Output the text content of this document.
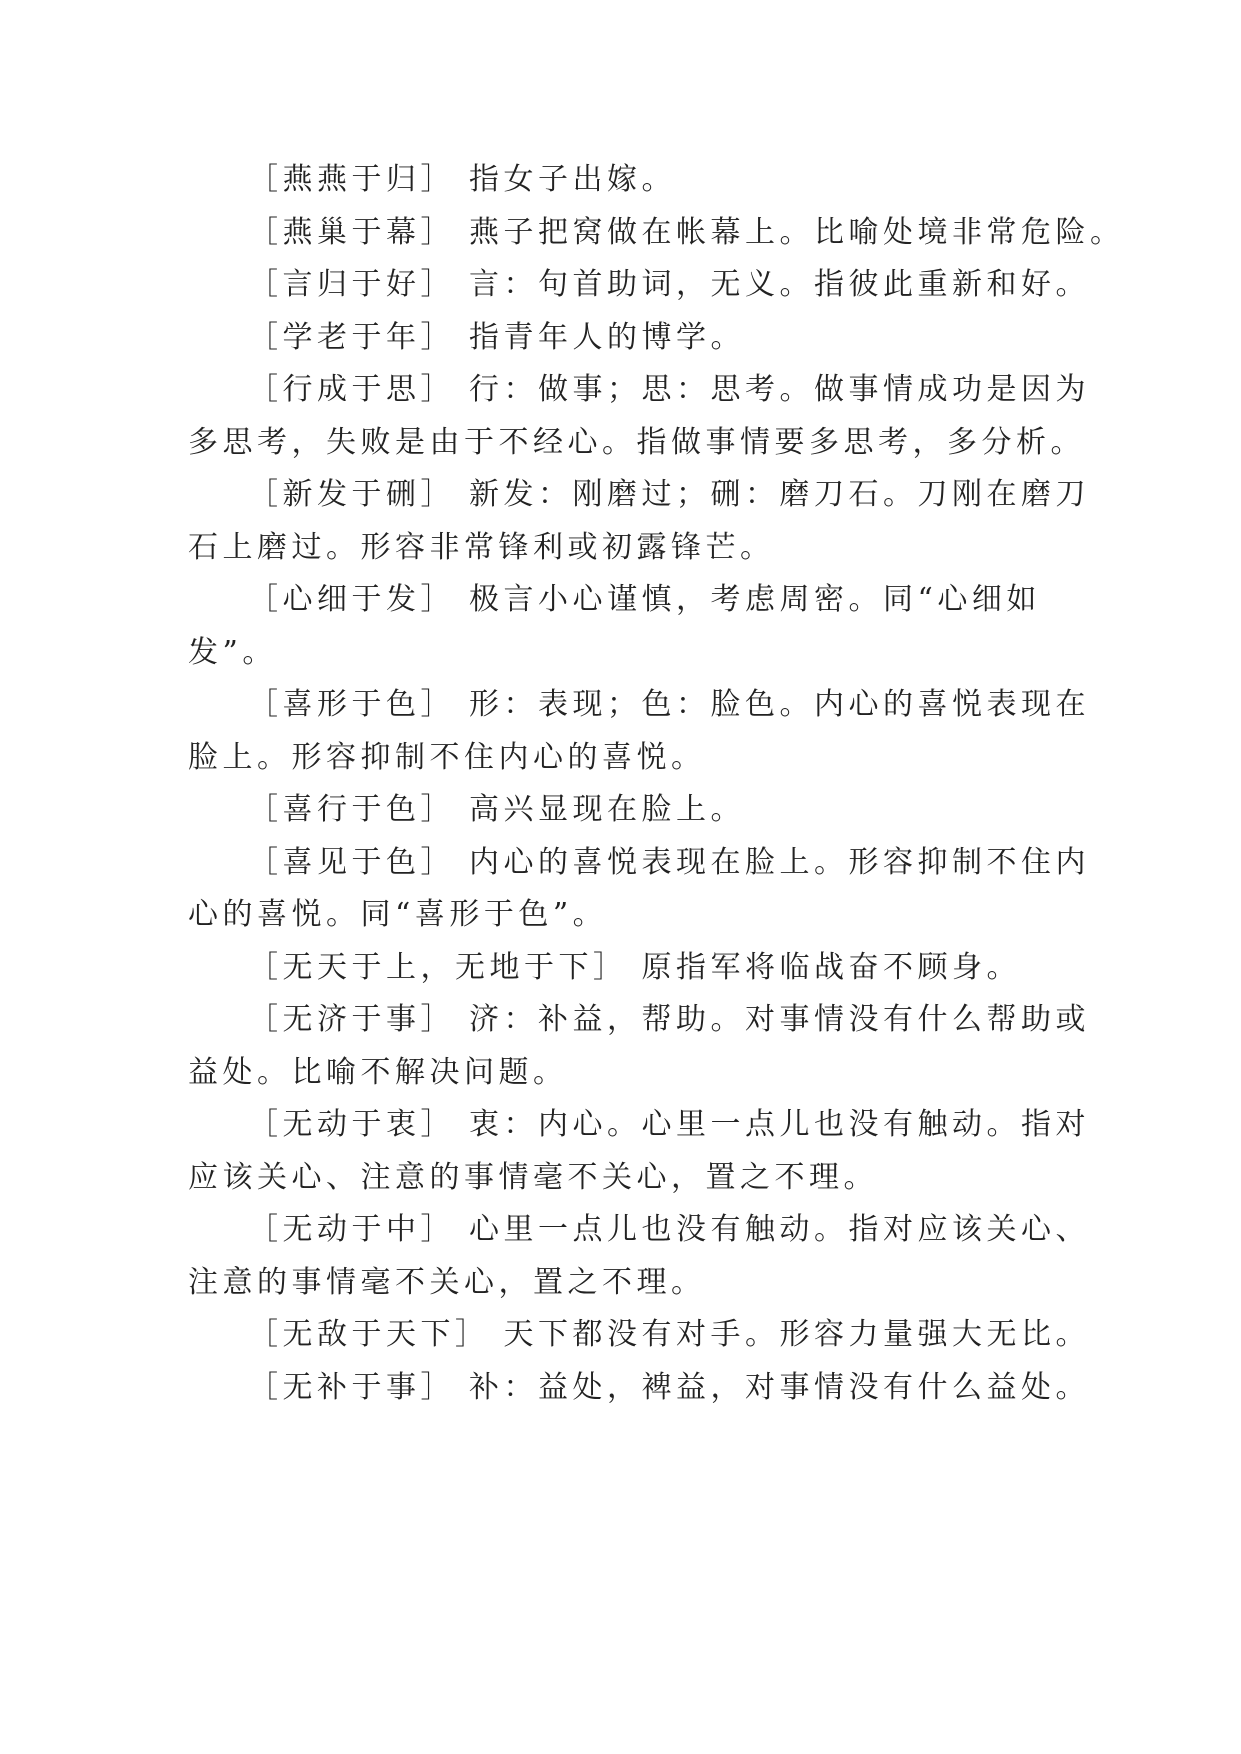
［燕燕于归］ 指女子出嫁。
［燕巢于幕］ 燕子把窝做在帐幕上。比喻处境非常危险。
［言归于好］ 言：句首助词，无义。指彼此重新和好。
［学老于年］ 指青年人的博学。
［行成于思］ 行：做事；思：思考。做事情成功是因为
多思考，失败是由于不经心。指做事情要多思考，多分析。
［新发于硎］ 新发：刚磨过；硎：磨刀石。刀刚在磨刀
石上磨过。形容非常锋利或初露锋芒。
［心细于发］ 极言小心谨慎，考虑周密。同“心细如
发”。
［喜形于色］ 形：表现；色：脸色。内心的喜悦表现在
脸上。形容抑制不住内心的喜悦。
［喜行于色］ 高兴显现在脸上。
［喜见于色］ 内心的喜悦表现在脸上。形容抑制不住内
心的喜悦。同“喜形于色”。
［无天于上，无地于下］ 原指军将临战奋不顾身。
［无济于事］ 济：补益，帮助。对事情没有什么帮助或
益处。比喻不解决问题。
［无动于衷］ 衷：内心。心里一点儿也没有触动。指对
应该关心、注意的事情毫不关心，置之不理。
［无动于中］ 心里一点儿也没有触动。指对应该关心、
注意的事情毫不关心，置之不理。
［无敌于天下］ 天下都没有对手。形容力量强大无比。
［无补于事］ 补：益处，裨益，对事情没有什么益处。
